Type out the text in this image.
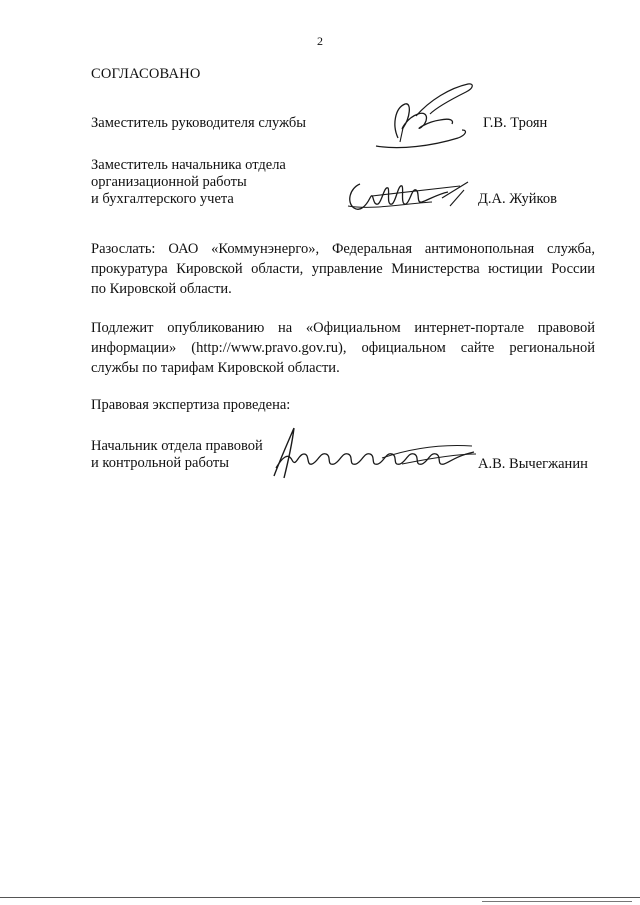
2
СОГЛАСОВАНО
Заместитель руководителя службы	Г.В. Троян
Заместитель начальника отдела
организационной работы
и бухгалтерского учета	Д.А. Жуйков
Разослать: ОАО «Коммунэнерго», Федеральная антимонопольная служба,
прокуратура Кировской области, управление Министерства юстиции России
по Кировской области.
Подлежит опубликованию на «Официальном интернет-портале правовой
информации» (http://www.pravo.gov.ru), официальном сайте региональной
службы по тарифам Кировской области.
Правовая экспертиза проведена:
Начальник отдела правовой
и контрольной работы	А.В. Вычегжанин
